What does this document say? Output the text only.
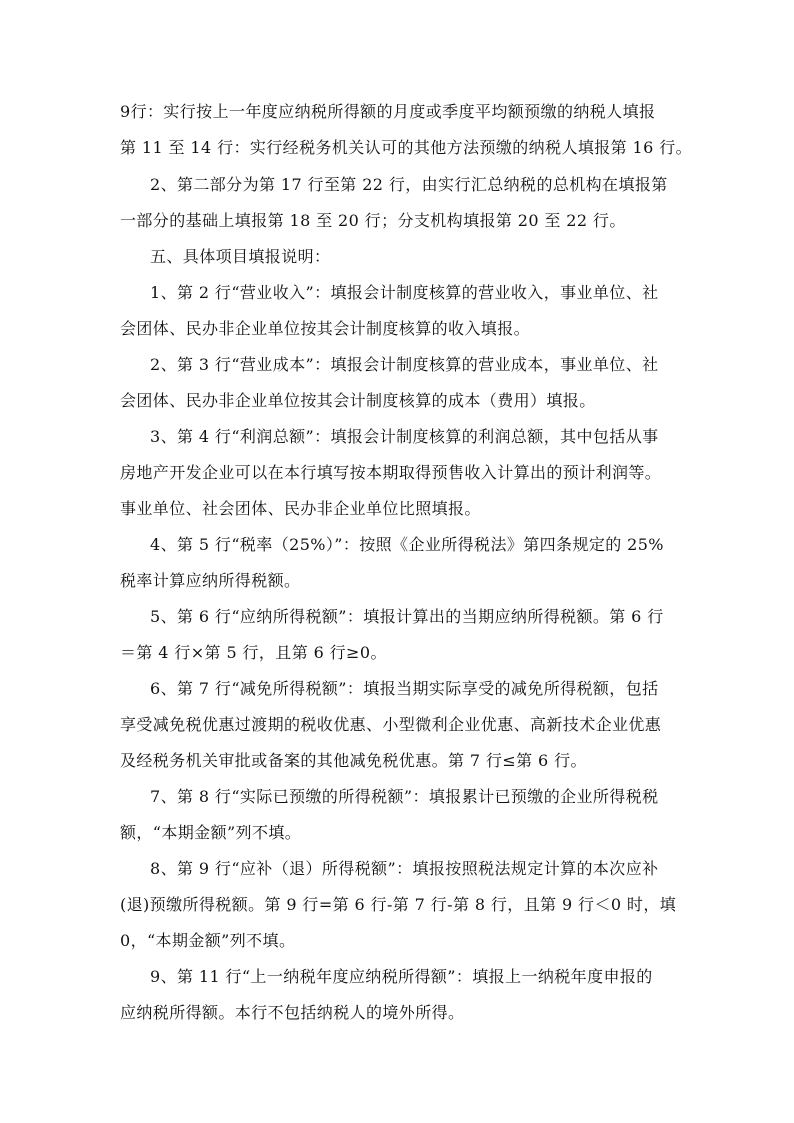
9行：实行按上一年度应纳税所得额的月度或季度平均额预缴的纳税人填报
第 11 至 14 行：实行经税务机关认可的其他方法预缴的纳税人填报第 16 行。
2、第二部分为第 17 行至第 22 行，由实行汇总纳税的总机构在填报第
一部分的基础上填报第 18 至 20 行；分支机构填报第 20 至 22 行。
五、具体项目填报说明：
1、第 2 行“营业收入”：填报会计制度核算的营业收入，事业单位、社
会团体、民办非企业单位按其会计制度核算的收入填报。
2、第 3 行“营业成本”：填报会计制度核算的营业成本，事业单位、社
会团体、民办非企业单位按其会计制度核算的成本（费用）填报。
3、第 4 行“利润总额”：填报会计制度核算的利润总额，其中包括从事
房地产开发企业可以在本行填写按本期取得预售收入计算出的预计利润等。
事业单位、社会团体、民办非企业单位比照填报。
4、第 5 行“税率（25%）”：按照《企业所得税法》第四条规定的 25%
税率计算应纳所得税额。
5、第 6 行“应纳所得税额”：填报计算出的当期应纳所得税额。第 6 行
＝第 4 行×第 5 行，且第 6 行≥0。
6、第 7 行“减免所得税额”：填报当期实际享受的减免所得税额，包括
享受减免税优惠过渡期的税收优惠、小型微利企业优惠、高新技术企业优惠
及经税务机关审批或备案的其他减免税优惠。第 7 行≤第 6 行。
7、第 8 行“实际已预缴的所得税额”：填报累计已预缴的企业所得税税
额，“本期金额”列不填。
8、第 9 行“应补（退）所得税额”：填报按照税法规定计算的本次应补
(退)预缴所得税额。第 9 行=第 6 行-第 7 行-第 8 行，且第 9 行＜0 时，填
0，“本期金额”列不填。
9、第 11 行“上一纳税年度应纳税所得额”：填报上一纳税年度申报的
应纳税所得额。本行不包括纳税人的境外所得。
